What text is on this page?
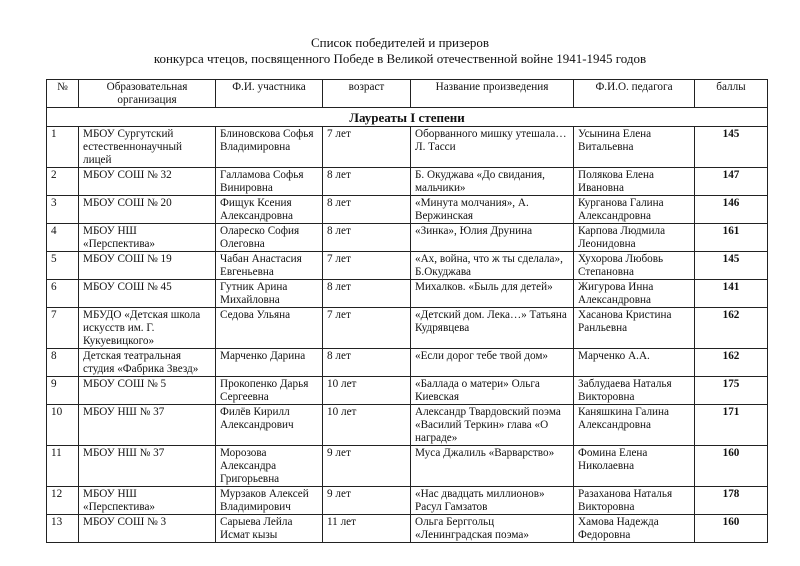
Список победителей и призеров
конкурса чтецов, посвященного Победе в Великой отечественной войне 1941-1945 годов
№	Образовательная организация	Ф.И. участника	возраст	Название произведения	Ф.И.О. педагога	баллы
Лауреаты I степени						
1	МБОУ Сургутский естественнонаучный лицей	Блиновскова Софья Владимировна	7 лет	Оборванного мишку утешала…Л. Тасси	Усынина Елена Витальевна	145
2	МБОУ СОШ № 32	Галламова Софья Винировна	8 лет	Б. Окуджава «До свидания, мальчики»	Полякова Елена Ивановна	147
3	МБОУ СОШ № 20	Фищук Ксения Александровна	8 лет	«Минута молчания», А. Вержинская	Курганова Галина Александровна	146
4	МБОУ НШ «Перспектива»	Олареско София Олеговна	8 лет	«Зинка», Юлия Друнина	Карпова Людмила Леонидовна	161
5	МБОУ СОШ № 19	Чабан Анастасия Евгеньевна	7 лет	«Ах, война, что ж ты сделала», Б.Окуджава	Хухорова Любовь Степановна	145
6	МБОУ СОШ № 45	Гутник Арина Михайловна	8 лет	Михалков. «Быль для детей»	Жигурова Инна Александровна	141
7	МБУДО «Детская школа искусств им. Г. Кукуевицкого»	Седова Ульяна	7 лет	«Детский дом. Лека…» Татьяна Кудрявцева	Хасанова Кристина Ранльевна	162
8	Детская театральная студия «Фабрика Звезд»	Марченко Дарина	8 лет	«Если дорог тебе твой дом»	Марченко А.А.	162
9	МБОУ СОШ № 5	Прокопенко Дарья Сергеевна	10 лет	«Баллада о матери» Ольга Киевская	Заблудаева Наталья Викторовна	175
10	МБОУ НШ № 37	Филёв Кирилл Александрович	10 лет	Александр Твардовский поэма «Василий Теркин» глава «О награде»	Каняшкина Галина Александровна	171
11	МБОУ НШ № 37	Морозова Александра Григорьевна	9 лет	Муса Джалиль «Варварство»	Фомина Елена Николаевна	160
12	МБОУ НШ «Перспектива»	Мурзаков Алексей Владимирович	9 лет	«Нас двадцать миллионов» Расул Гамзатов	Разаханова Наталья Викторовна	178
13	МБОУ СОШ № 3	Сарыева Лейла Исмат кызы	11 лет	Ольга Берггольц «Ленинградская поэма»	Хамова Надежда Федоровна	160
